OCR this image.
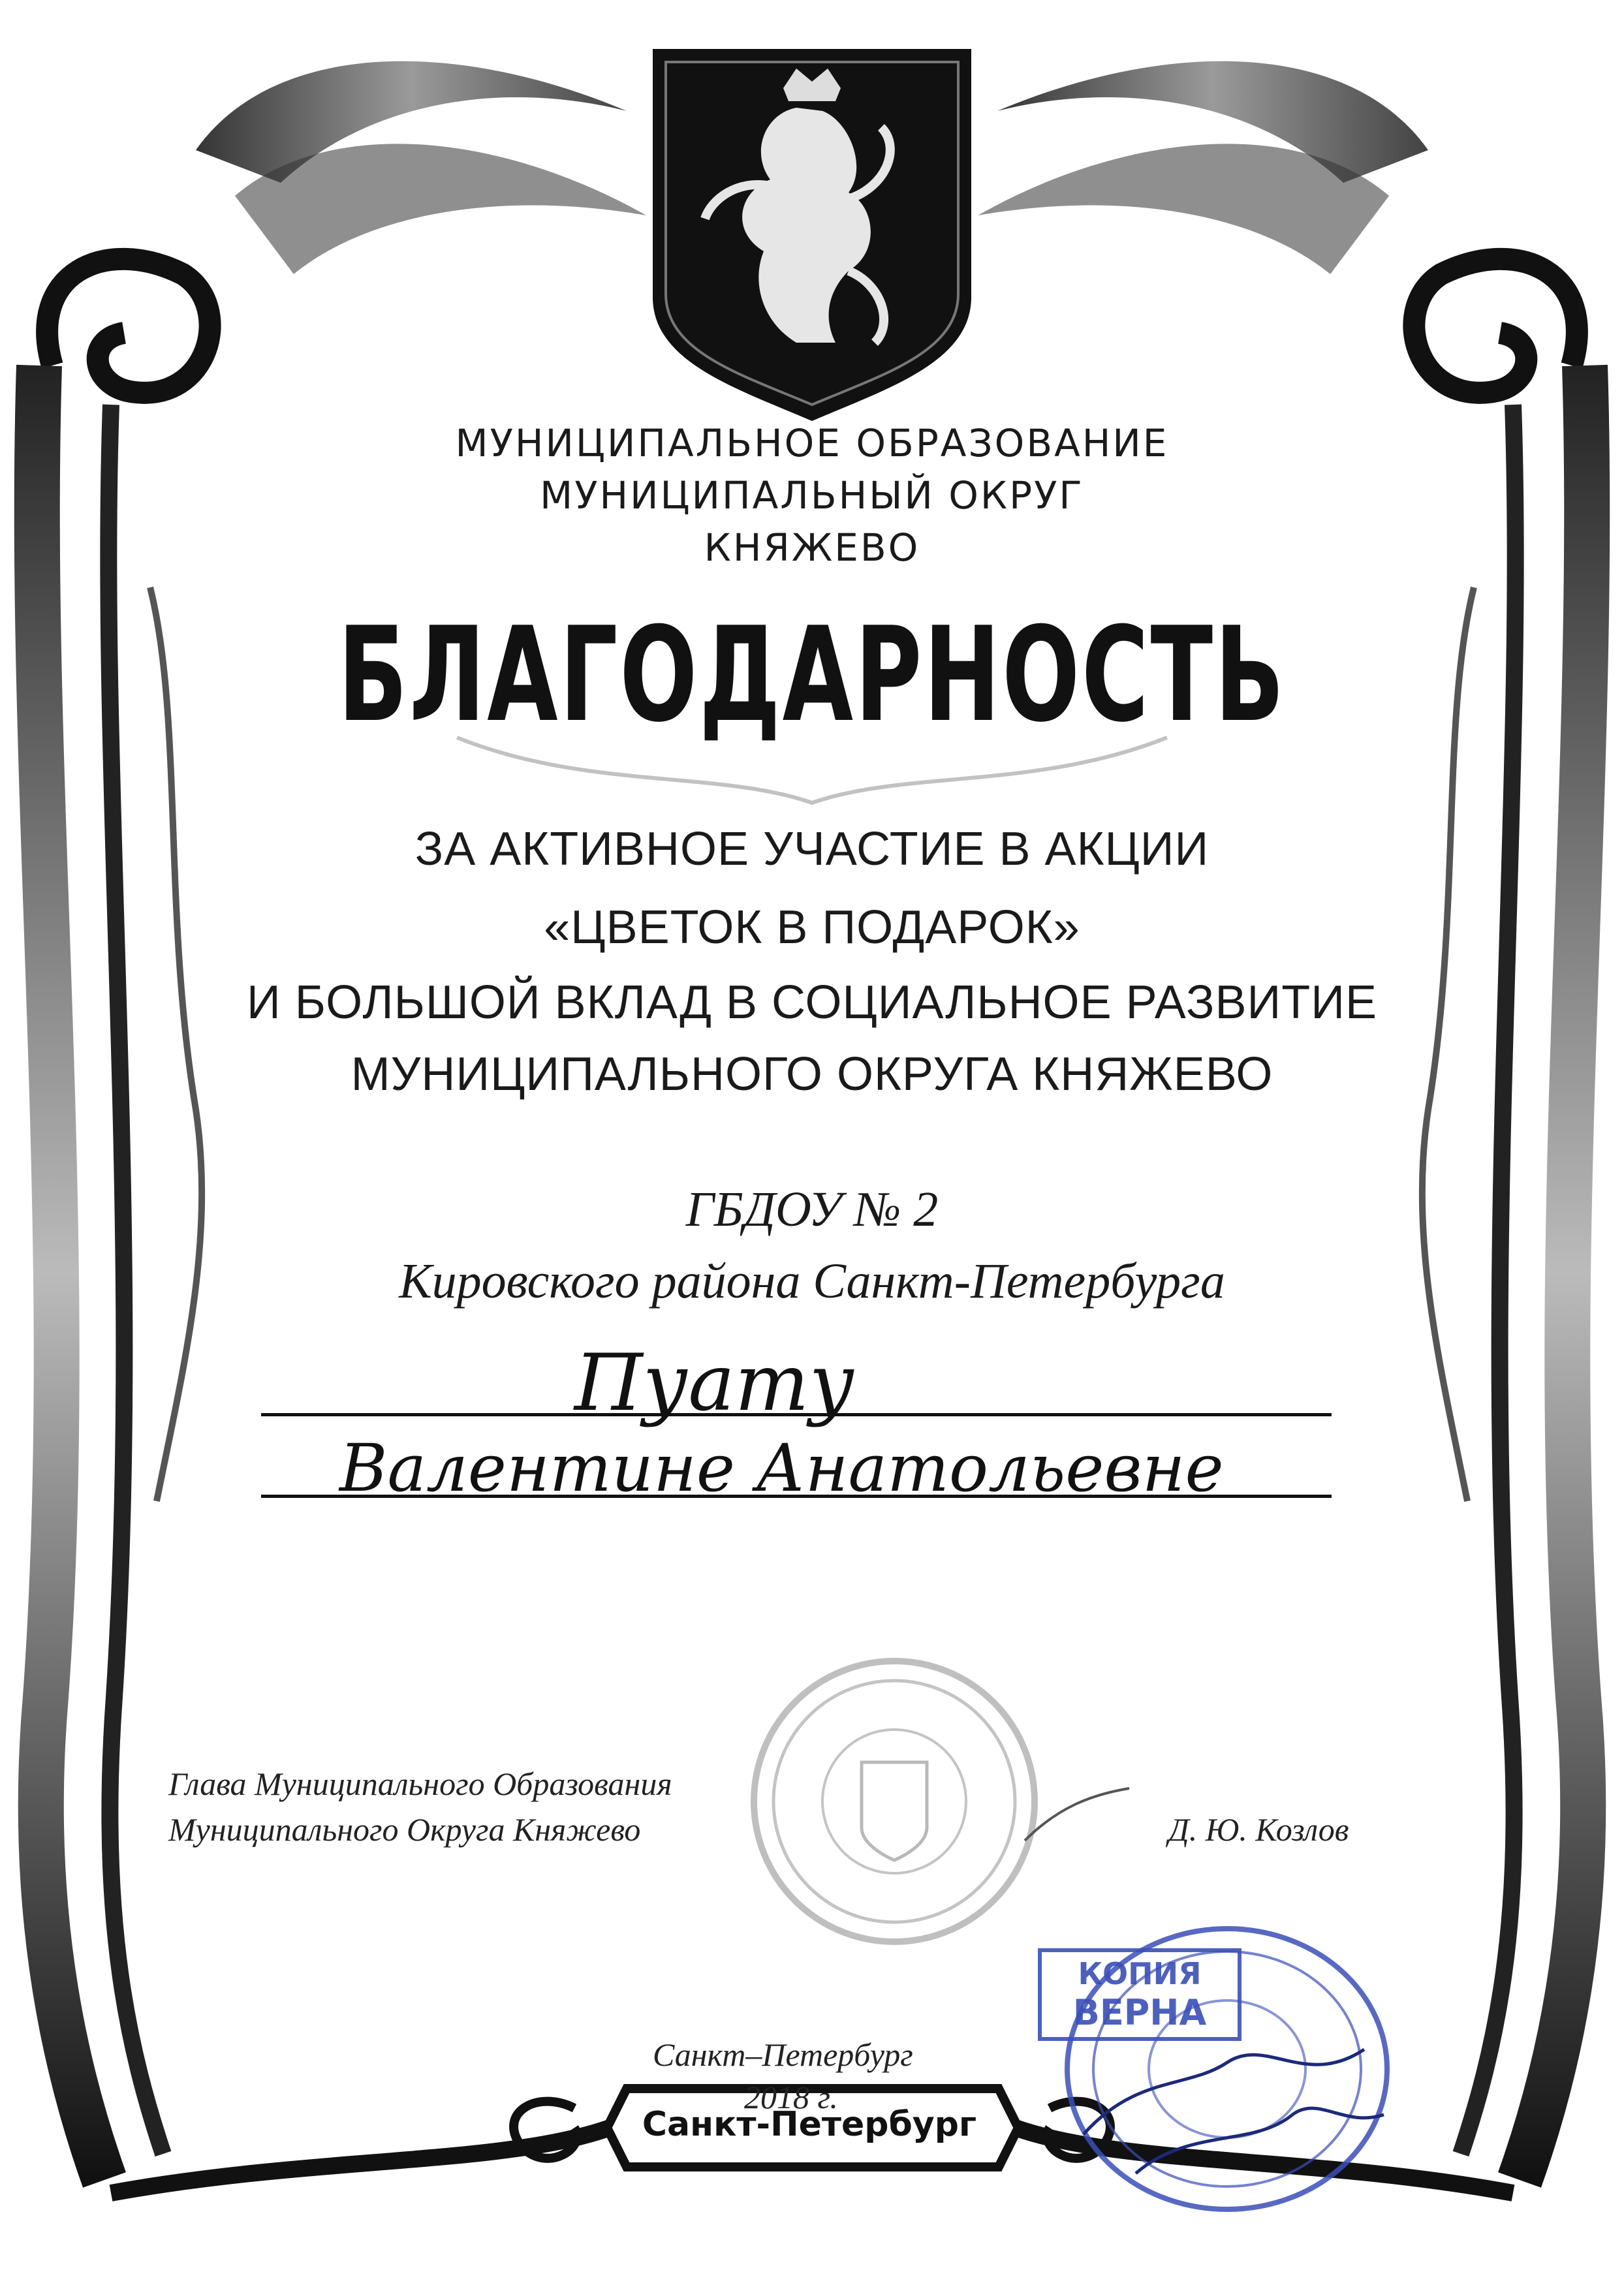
МУНИЦИПАЛЬНОЕ ОБРАЗОВАНИЕ
МУНИЦИПАЛЬНЫЙ ОКРУГ
КНЯЖЕВО
БЛАГОДАРНОСТЬ
ЗА АКТИВНОЕ УЧАСТИЕ В АКЦИИ
«ЦВЕТОК В ПОДАРОК»
И БОЛЬШОЙ ВКЛАД В СОЦИАЛЬНОЕ РАЗВИТИЕ
МУНИЦИПАЛЬНОГО ОКРУГА КНЯЖЕВО
ГБДОУ № 2
Кировского района Санкт-Петербурга
Пуату
Валентине Анатольевне
Глава Муниципального Образования
Муниципального Округа Княжево	Д. Ю. Козлов
Санкт–Петербург
2018 г.
Санкт-Петербург
КОПИЯ
ВЕРНА
